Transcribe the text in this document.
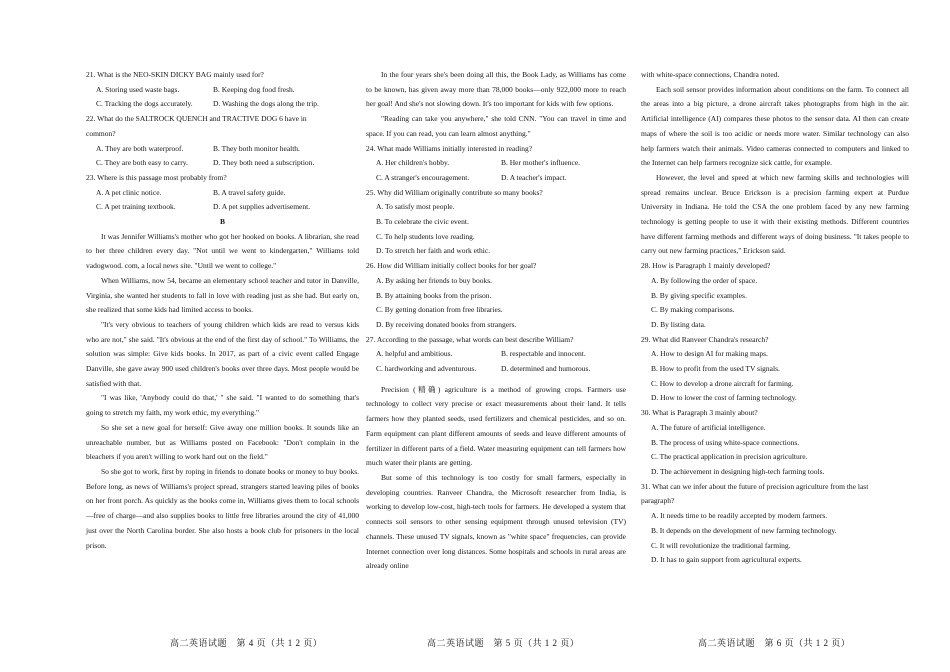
21. What is the NEO-SKIN DICKY BAG mainly used for?
A. Storing used waste bags.	B. Keeping dog food fresh.
C. Tracking the dogs accurately.	D. Washing the dogs along the trip.
22. What do the SALTROCK QUENCH and TRACTIVE DOG 6 have in
common?
A. They are both waterproof.	B. They both monitor health.
C. They are both easy to carry.	D. They both need a subscription.
23. Where is this passage most probably from?
A. A pet clinic notice.	B. A travel safety guide.
C. A pet training textbook.	D. A pet supplies advertisement.
B

It was Jennifer Williams's mother who got her hooked on books. A librarian, she read to her three children every day. "Not until we went to kindergarten," Williams told vadogwood. com, a local news site. "Until we went to college."

When Williams, now 54, became an elementary school teacher and tutor in Danville, Virginia, she wanted her students to fall in love with reading just as she had. But early on, she realized that some kids had limited access to books.

"It's very obvious to teachers of young children which kids are read to versus kids who are not," she said. "It's obvious at the end of the first day of school." To Williams, the solution was simple: Give kids books. In 2017, as part of a civic event called Engage Danville, she gave away 900 used children's books over three days. Most people would be satisfied with that.

"I was like, 'Anybody could do that,' " she said. "I wanted to do something that's going to stretch my faith, my work ethic, my everything."

So she set a new goal for herself: Give away one million books. It sounds like an unreachable number, but as Williams posted on Facebook: "Don't complain in the bleachers if you aren't willing to work hard out on the field."

So she got to work, first by roping in friends to donate books or money to buy books. Before long, as news of Williams's project spread, strangers started leaving piles of books on her front porch. As quickly as the books come in, Williams gives them to local schools—free of charge—and also supplies books to little free libraries around the city of 41,000 just over the North Carolina border. She also hosts a book club for prisoners in the local prison.

In the four years she's been doing all this, the Book Lady, as Williams has come to be known, has given away more than 78,000 books—only 922,000 more to reach her goal! And she's not slowing down. It's too important for kids with few options.

"Reading can take you anywhere," she told CNN. "You can travel in time and space. If you can read, you can learn almost anything."

24. What made Williams initially interested in reading?
A. Her children's hobby.	B. Her mother's influence.
C. A stranger's encouragement.	D. A teacher's impact.
25. Why did William originally contribute so many books?
A. To satisfy most people.
B. To celebrate the civic event.
C. To help students love reading.
D. To stretch her faith and work ethic.
26. How did William initially collect books for her goal?
A. By asking her friends to buy books.
B. By attaining books from the prison.
C. By getting donation from free libraries.
D. By receiving donated books from strangers.
27. According to the passage, what words can best describe William?
A. helpful and ambitious.	B. respectable and innocent.
C. hardworking and adventurous.	D. determined and humorous.

Precision (精确) agriculture is a method of growing crops. Farmers use technology to collect very precise or exact measurements about their land. It tells farmers how they planted seeds, used fertilizers and chemical pesticides, and so on. Farm equipment can plant different amounts of seeds and leave different amounts of fertilizer in different parts of a field. Water measuring equipment can tell farmers how much water their plants are getting.

But some of this technology is too costly for small farmers, especially in developing countries. Ranveer Chandra, the Microsoft researcher from India, is working to develop low-cost, high-tech tools for farmers. He developed a system that connects soil sensors to other sensing equipment through unused television (TV) channels. These unused TV signals, known as "white space" frequencies, can provide Internet connection over long distances. Some hospitals and schools in rural areas are already online

with white-space connections, Chandra noted.

Each soil sensor provides information about conditions on the farm. To connect all the areas into a big picture, a drone aircraft takes photographs from high in the air. Artificial intelligence (AI) compares these photos to the sensor data. AI then can create maps of where the soil is too acidic or needs more water. Similar technology can also help farmers watch their animals. Video cameras connected to computers and linked to the Internet can help farmers recognize sick cattle, for example.

However, the level and speed at which new farming skills and technologies will spread remains unclear. Bruce Erickson is a precision farming expert at Purdue University in Indiana. He told the CSA the one problem faced by any new farming technology is getting people to use it with their existing methods. Different countries have different farming methods and different ways of doing business. "It takes people to carry out new farming practices," Erickson said.

28. How is Paragraph 1 mainly developed?
A. By following the order of space.
B. By giving specific examples.
C. By making comparisons.
D. By listing data.
29. What did Ranveer Chandra's research?
A. How to design AI for making maps.
B. How to profit from the used TV signals.
C. How to develop a drone aircraft for farming.
D. How to lower the cost of farming technology.
30. What is Paragraph 3 mainly about?
A. The future of artificial intelligence.
B. The process of using white-space connections.
C. The practical application in precision agriculture.
D. The achievement in designing high-tech farming tools.
31. What can we infer about the future of precision agriculture from the last
paragraph?
A. It needs time to be readily accepted by modern farmers.
B. It depends on the development of new farming technology.
C. It will revolutionize the traditional farming.
D. It has to gain support from agricultural experts.
高二英语试题　第 4 页（共 1 2 页）	高二英语试题　第 5 页（共 1 2 页）	高二英语试题　第 6 页（共 1 2 页）
